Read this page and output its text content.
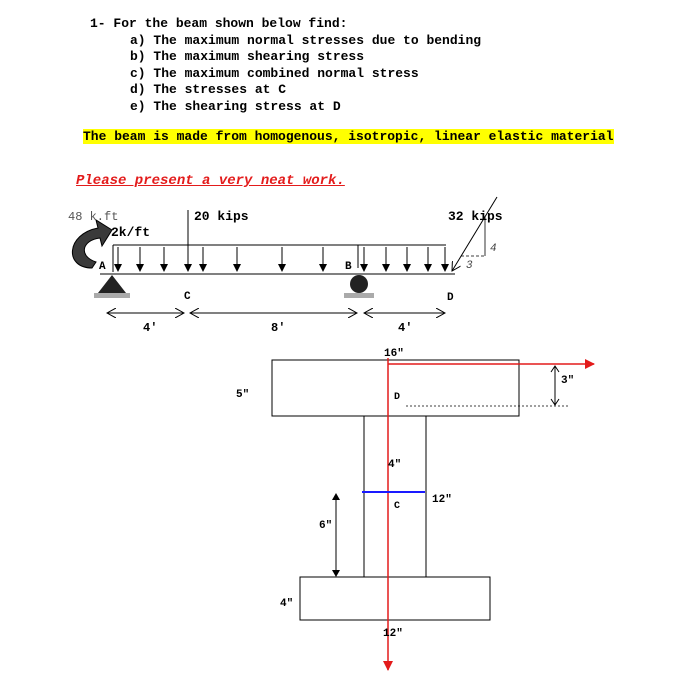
1- For the beam shown below find:
a) The maximum normal stresses due to bending
b) The maximum shearing stress
c) The maximum combined normal stress
d) The stresses at C
e) The shearing stress at D
The beam is made from homogenous, isotropic, linear elastic material
Please present a very neat work.
48 k.ft
2k/ft
20 kips	32 kips
4
3
A	B
C	D
4′	8′	4′
16″
5″
3″
D
4″
12″
C
6″
4″
12″
